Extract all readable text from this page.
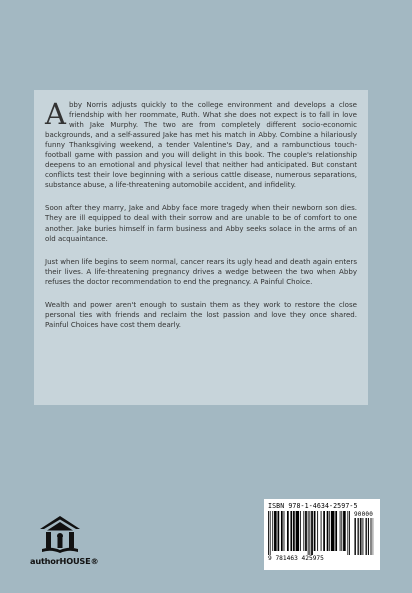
Abby Norris adjusts quickly to the college environment and develops a close friendship with her roommate, Ruth. What she does not expect is to fall in love with Jake Murphy. The two are from completely different socio-economic backgrounds, and a self-assured Jake has met his match in Abby. Combine a hilariously funny Thanksgiving weekend, a tender Valentine's Day, and a rambunctious touch-football game with passion and you will delight in this book. The couple's relationship deepens to an emotional and physical level that neither had anticipated. But constant conflicts test their love beginning with a serious cattle disease, numerous separations, substance abuse, a life-threatening automobile accident, and infidelity.

Soon after they marry, Jake and Abby face more tragedy when their newborn son dies. They are ill equipped to deal with their sorrow and are unable to be of comfort to one another. Jake buries himself in farm business and Abby seeks solace in the arms of an old acquaintance.

Just when life begins to seem normal, cancer rears its ugly head and death again enters their lives. A life-threatening pregnancy drives a wedge between the two when Abby refuses the doctor recommendation to end the pregnancy. A Painful Choice.

Wealth and power aren't enough to sustain them as they work to restore the close personal ties with friends and reclaim the lost passion and love they once shared. Painful Choices have cost them dearly.

authorHOUSE®
ISBN 978-1-4634-2597-5
90000
9 781463 425975
